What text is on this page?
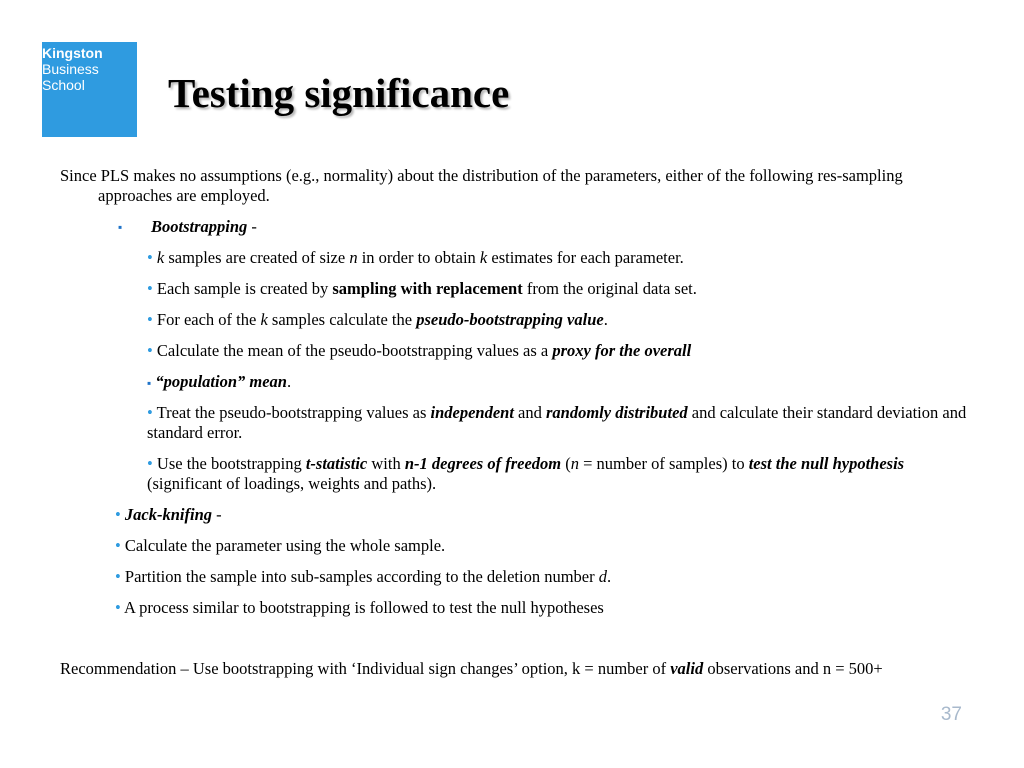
Kingston
Business
School	Testing significance

Since PLS makes no assumptions (e.g., normality) about the distribution of the parameters, either of the following res-sampling approaches are employed.

▪ Bootstrapping -

• k samples are created of size n in order to obtain k estimates for each parameter.

• Each sample is created by sampling with replacement from the original data set.

• For each of the k samples calculate the pseudo-bootstrapping value.

• Calculate the mean of the pseudo-bootstrapping values as a proxy for the overall

▪ “population” mean.

• Treat the pseudo-bootstrapping values as independent and randomly distributed and calculate their standard deviation and standard error.

• Use the bootstrapping t-statistic with n-1 degrees of freedom (n = number of samples) to test the null hypothesis (significant of loadings, weights and paths).

• Jack-knifing -

• Calculate the parameter using the whole sample.

• Partition the sample into sub-samples according to the deletion number d.

• A process similar to bootstrapping is followed to test the null hypotheses

Recommendation – Use bootstrapping with ‘Individual sign changes’ option, k = number of valid observations and n = 500+

37
